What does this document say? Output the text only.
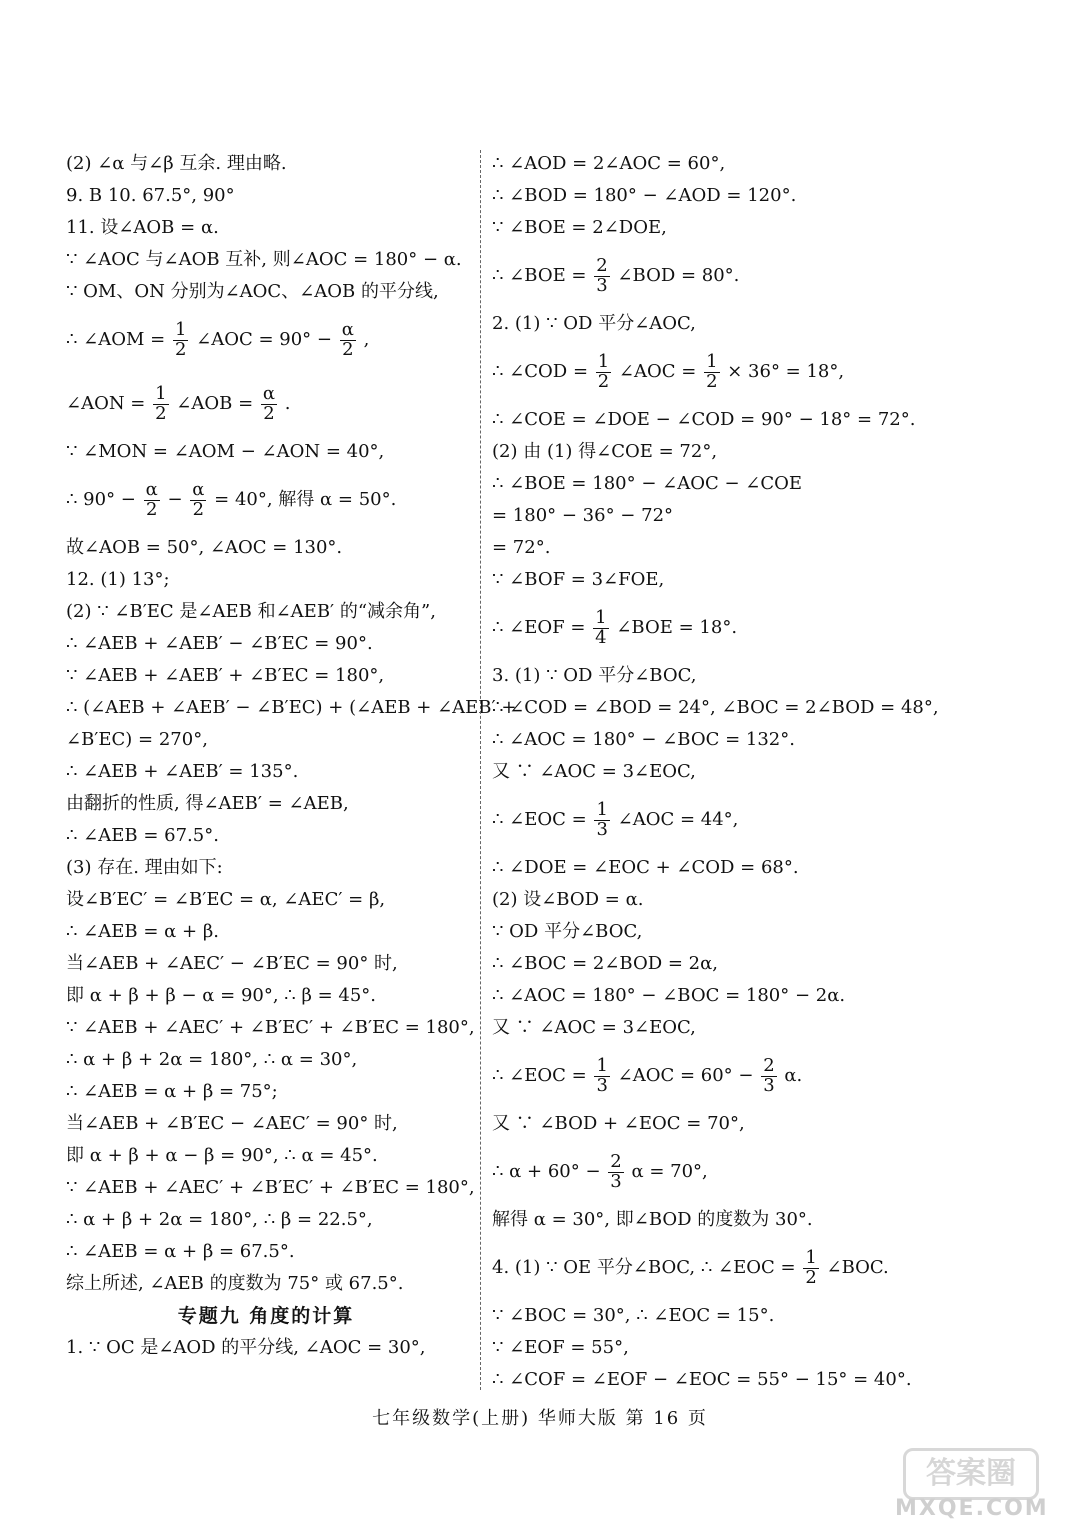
(2) ∠α 与∠β 互余. 理由略.
9. B 10. 67.5°, 90°
11. 设∠AOB = α.
∵ ∠AOC 与∠AOB 互补, 则∠AOC = 180° − α.
∵ OM、ON 分别为∠AOC、∠AOB 的平分线,
∴ ∠AOM = $\frac{1}{2}$ ∠AOC = $90^\circ - \frac{\alpha}{2}$ ,
∠AON = $\frac{1}{2}$ ∠AOB = $\frac{\alpha}{2}$ .
∵ ∠MON = ∠AOM − ∠AON = 40°,
∴ $90^\circ - \frac{\alpha}{2} - \frac{\alpha}{2} = 40^\circ$, 解得 α = 50°.
故∠AOB = 50°, ∠AOC = 130°.
12. (1) 13°;
(2) ∵ ∠B′EC 是∠AEB 和∠AEB′ 的“减余角”,
∴ ∠AEB + ∠AEB′ − ∠B′EC = 90°.
∵ ∠AEB + ∠AEB′ + ∠B′EC = 180°,
∴ (∠AEB + ∠AEB′ − ∠B′EC) + (∠AEB + ∠AEB′ +
∠B′EC) = 270°,
∴ ∠AEB + ∠AEB′ = 135°.
由翻折的性质, 得∠AEB′ = ∠AEB,
∴ ∠AEB = 67.5°.
(3) 存在. 理由如下:
设∠B′EC′ = ∠B′EC = α, ∠AEC′ = β,
∴ ∠AEB = α + β.
当∠AEB + ∠AEC′ − ∠B′EC = 90° 时,
即 α + β + β − α = 90°, ∴ β = 45°.
∵ ∠AEB + ∠AEC′ + ∠B′EC′ + ∠B′EC = 180°,
∴ α + β + 2α = 180°, ∴ α = 30°,
∴ ∠AEB = α + β = 75°;
当∠AEB + ∠B′EC − ∠AEC′ = 90° 时,
即 α + β + α − β = 90°, ∴ α = 45°.
∵ ∠AEB + ∠AEC′ + ∠B′EC′ + ∠B′EC = 180°,
∴ α + β + 2α = 180°, ∴ β = 22.5°,
∴ ∠AEB = α + β = 67.5°.
综上所述, ∠AEB 的度数为 75° 或 67.5°.
专题九 角度的计算
1. ∵ OC 是∠AOD 的平分线, ∠AOC = 30°,
∴ ∠AOD = 2∠AOC = 60°,
∴ ∠BOD = 180° − ∠AOD = 120°.
∵ ∠BOE = 2∠DOE,
∴ ∠BOE = $\frac{2}{3}$ ∠BOD = 80°.
2. (1) ∵ OD 平分∠AOC,
∴ ∠COD = $\frac{1}{2}$ ∠AOC = $\frac{1}{2} \times 36^\circ = 18^\circ$,
∴ ∠COE = ∠DOE − ∠COD = 90° − 18° = 72°.
(2) 由 (1) 得∠COE = 72°,
∴ ∠BOE = 180° − ∠AOC − ∠COE
= 180° − 36° − 72°
= 72°.
∵ ∠BOF = 3∠FOE,
∴ ∠EOF = $\frac{1}{4}$ ∠BOE = 18°.
3. (1) ∵ OD 平分∠BOC,
∴ ∠COD = ∠BOD = 24°, ∠BOC = 2∠BOD = 48°,
∴ ∠AOC = 180° − ∠BOC = 132°.
又 ∵ ∠AOC = 3∠EOC,
∴ ∠EOC = $\frac{1}{3}$ ∠AOC = 44°,
∴ ∠DOE = ∠EOC + ∠COD = 68°.
(2) 设∠BOD = α.
∵ OD 平分∠BOC,
∴ ∠BOC = 2∠BOD = 2α,
∴ ∠AOC = 180° − ∠BOC = 180° − 2α.
又 ∵ ∠AOC = 3∠EOC,
∴ ∠EOC = $\frac{1}{3}$ ∠AOC = $60^\circ - \frac{2}{3} \alpha$.
又 ∵ ∠BOD + ∠EOC = 70°,
∴ $\alpha + 60^\circ - \frac{2}{3}$ α = 70°,
解得 α = 30°, 即∠BOD 的度数为 30°.
4. (1) ∵ OE 平分∠BOC, ∴ ∠EOC = $\frac{1}{2}$ ∠BOC.
∵ ∠BOC = 30°, ∴ ∠EOC = 15°.
∵ ∠EOF = 55°,
∴ ∠COF = ∠EOF − ∠EOC = 55° − 15° = 40°.
七年级数学(上册) 华师大版 第 16 页
答案圈
MXQE.COM
